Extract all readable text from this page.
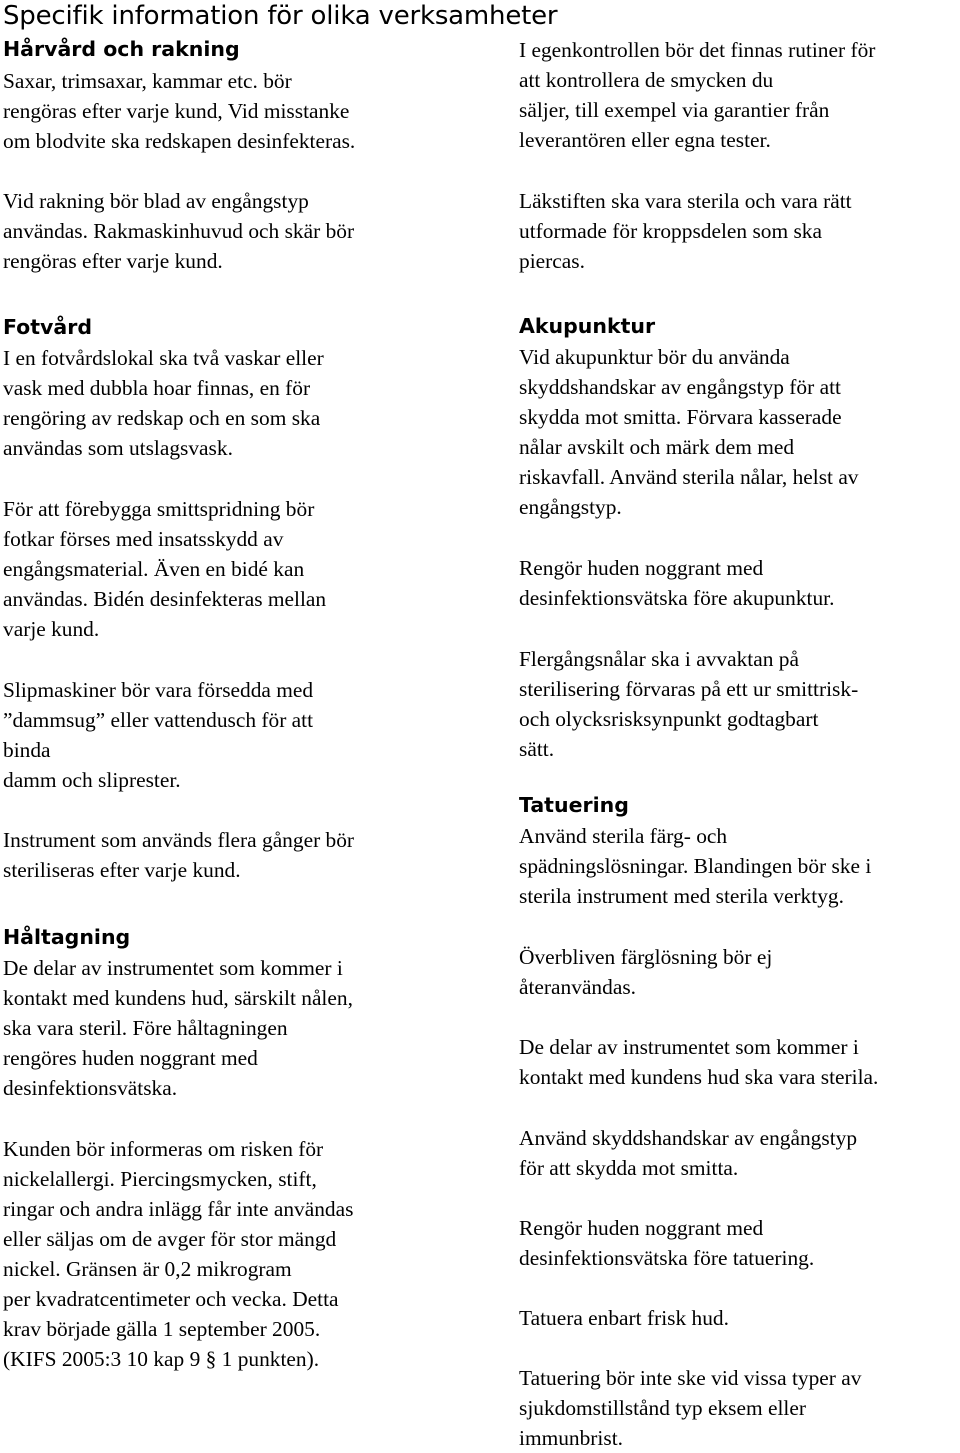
Specifik information för olika verksamheter
Hårvård och rakning
Saxar, trimsaxar, kammar etc. bör
rengöras efter varje kund, Vid misstanke
om blodvite ska redskapen desinfekteras.
Vid rakning bör blad av engångstyp
användas. Rakmaskinhuvud och skär bör
rengöras efter varje kund.
Fotvård
I en fotvårdslokal ska två vaskar eller
vask med dubbla hoar finnas, en för
rengöring av redskap och en som ska
användas som utslagsvask.
För att förebygga smittspridning bör
fotkar förses med insatsskydd av
engångsmaterial. Även en bidé kan
användas. Bidén desinfekteras mellan
varje kund.
Slipmaskiner bör vara försedda med
”dammsug” eller vattendusch för att
binda
damm och sliprester.
Instrument som används flera gånger bör
steriliseras efter varje kund.
Håltagning
De delar av instrumentet som kommer i
kontakt med kundens hud, särskilt nålen,
ska vara steril. Före håltagningen
rengöres huden noggrant med
desinfektionsvätska.
Kunden bör informeras om risken för
nickelallergi. Piercingsmycken, stift,
ringar och andra inlägg får inte användas
eller säljas om de avger för stor mängd
nickel. Gränsen är 0,2 mikrogram
per kvadratcentimeter och vecka. Detta
krav började gälla 1 september 2005.
(KIFS 2005:3 10 kap 9 § 1 punkten).
I egenkontrollen bör det finnas rutiner för
att kontrollera de smycken du
säljer, till exempel via garantier från
leverantören eller egna tester.
Läkstiften ska vara sterila och vara rätt
utformade för kroppsdelen som ska
piercas.
Akupunktur
Vid akupunktur bör du använda
skyddshandskar av engångstyp för att
skydda mot smitta. Förvara kasserade
nålar avskilt och märk dem med
riskavfall. Använd sterila nålar, helst av
engångstyp.
Rengör huden noggrant med
desinfektionsvätska före akupunktur.
Flergångsnålar ska i avvaktan på
sterilisering förvaras på ett ur smittrisk-
och olycksrisksynpunkt godtagbart
sätt.
Tatuering
Använd sterila färg- och
spädningslösningar. Blandingen bör ske i
sterila instrument med sterila verktyg.
Överbliven färglösning bör ej
återanvändas.
De delar av instrumentet som kommer i
kontakt med kundens hud ska vara sterila.
Använd skyddshandskar av engångstyp
för att skydda mot smitta.
Rengör huden noggrant med
desinfektionsvätska före tatuering.
Tatuera enbart frisk hud.
Tatuering bör inte ske vid vissa typer av
sjukdomstillstånd typ eksem eller
immunbrist.
